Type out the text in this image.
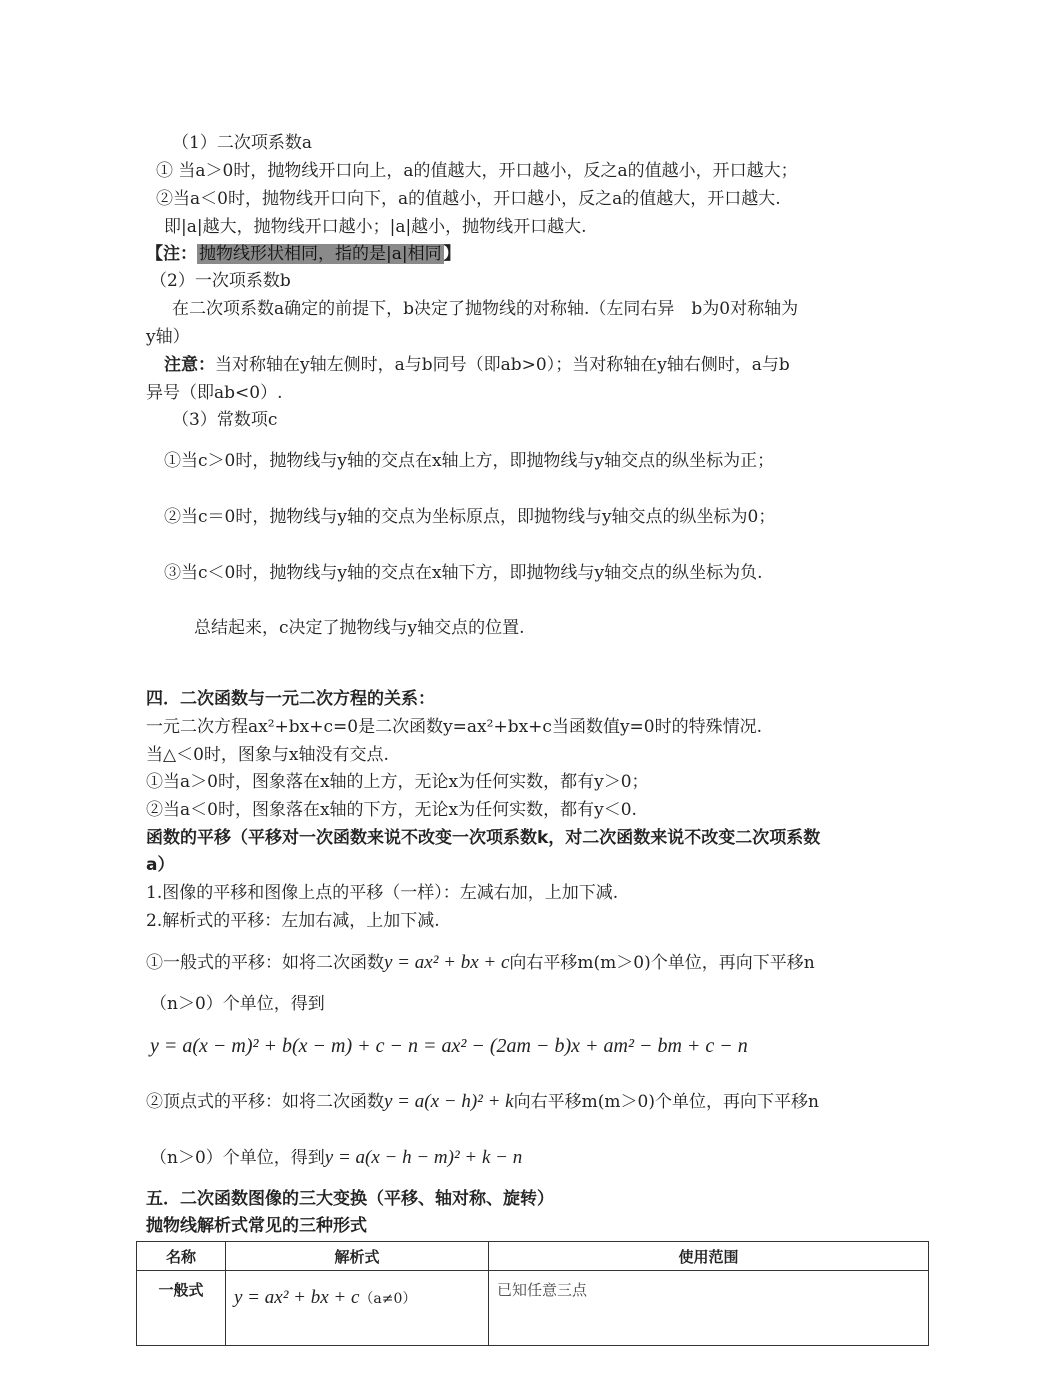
（1）二次项系数a
① 当a＞0时，抛物线开口向上，a的值越大，开口越小，反之a的值越小，开口越大；
②当a＜0时，抛物线开口向下，a的值越小，开口越小，反之a的值越大，开口越大.
即|a|越大，抛物线开口越小；|a|越小，抛物线开口越大.
【注： 抛物线形状相同，指的是|a|相同 】
（2）一次项系数b
在二次项系数a确定的前提下，b决定了抛物线的对称轴.（左同右异　b为0对称轴为
y轴）
注意：当对称轴在y轴左侧时，a与b同号（即ab>0）；当对称轴在y轴右侧时，a与b
异号（即ab<0）.
（3）常数项c
①当c＞0时，抛物线与y轴的交点在x轴上方，即抛物线与y轴交点的纵坐标为正；
②当c＝0时，抛物线与y轴的交点为坐标原点，即抛物线与y轴交点的纵坐标为0；
③当c＜0时，抛物线与y轴的交点在x轴下方，即抛物线与y轴交点的纵坐标为负.
总结起来，c决定了抛物线与y轴交点的位置.
四．二次函数与一元二次方程的关系：
一元二次方程ax²+bx+c=0是二次函数y=ax²+bx+c当函数值y=0时的特殊情况.
当△＜0时，图象与x轴没有交点.
①当a＞0时，图象落在x轴的上方，无论x为任何实数，都有y＞0；
②当a＜0时，图象落在x轴的下方，无论x为任何实数，都有y＜0.
函数的平移（平移对一次函数来说不改变一次项系数k，对二次函数来说不改变二次项系数
a）
1.图像的平移和图像上点的平移（一样）：左减右加，上加下减.
2.解析式的平移：左加右减，上加下减.
①一般式的平移：如将二次函数y = ax² + bx + c向右平移m(m＞0)个单位，再向下平移n
（n＞0）个单位，得到
y = a(x − m)² + b(x − m) + c − n = ax² − (2am − b)x + am² − bm + c − n
②顶点式的平移：如将二次函数y = a(x − h)² + k向右平移m(m＞0)个单位，再向下平移n
（n＞0）个单位，得到y = a(x − h − m)² + k − n
五．二次函数图像的三大变换（平移、轴对称、旋转）
抛物线解析式常见的三种形式
名称	解析式	使用范围
一般式	y = ax² + bx + c（a≠0）	已知任意三点
